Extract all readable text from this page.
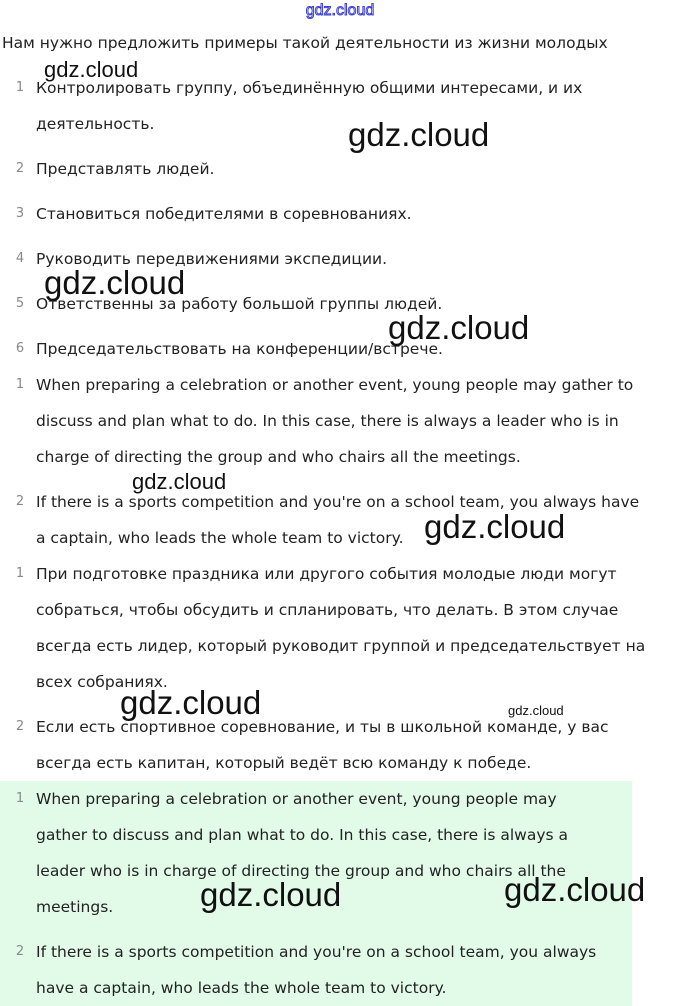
gdz.cloud
Нам нужно предложить примеры такой деятельности из жизни молодых
1 Контролировать группу, объединённую общими интересами, и их
деятельность.
2 Представлять людей.
3 Становиться победителями в соревнованиях.
4 Руководить передвижениями экспедиции.
5 Ответственны за работу большой группы людей.
6 Председательствовать на конференции/встрече.
1 When preparing a celebration or another event, young people may gather to
discuss and plan what to do. In this case, there is always a leader who is in
charge of directing the group and who chairs all the meetings.
2 If there is a sports competition and you're on a school team, you always have
a captain, who leads the whole team to victory.
1 При подготовке праздника или другого события молодые люди могут
собраться, чтобы обсудить и спланировать, что делать. В этом случае
всегда есть лидер, который руководит группой и председательствует на
всех собраниях.
2 Если есть спортивное соревнование, и ты в школьной команде, у вас
всегда есть капитан, который ведёт всю команду к победе.
1 When preparing a celebration or another event, young people may
gather to discuss and plan what to do. In this case, there is always a
leader who is in charge of directing the group and who chairs all the
meetings.
2 If there is a sports competition and you're on a school team, you always
have a captain, who leads the whole team to victory.
gdz.cloud
gdz.cloud
gdz.cloud
gdz.cloud
gdz.cloud
gdz.cloud
gdz.cloud	gdz.cloud
gdz.cloud	gdz.cloud
